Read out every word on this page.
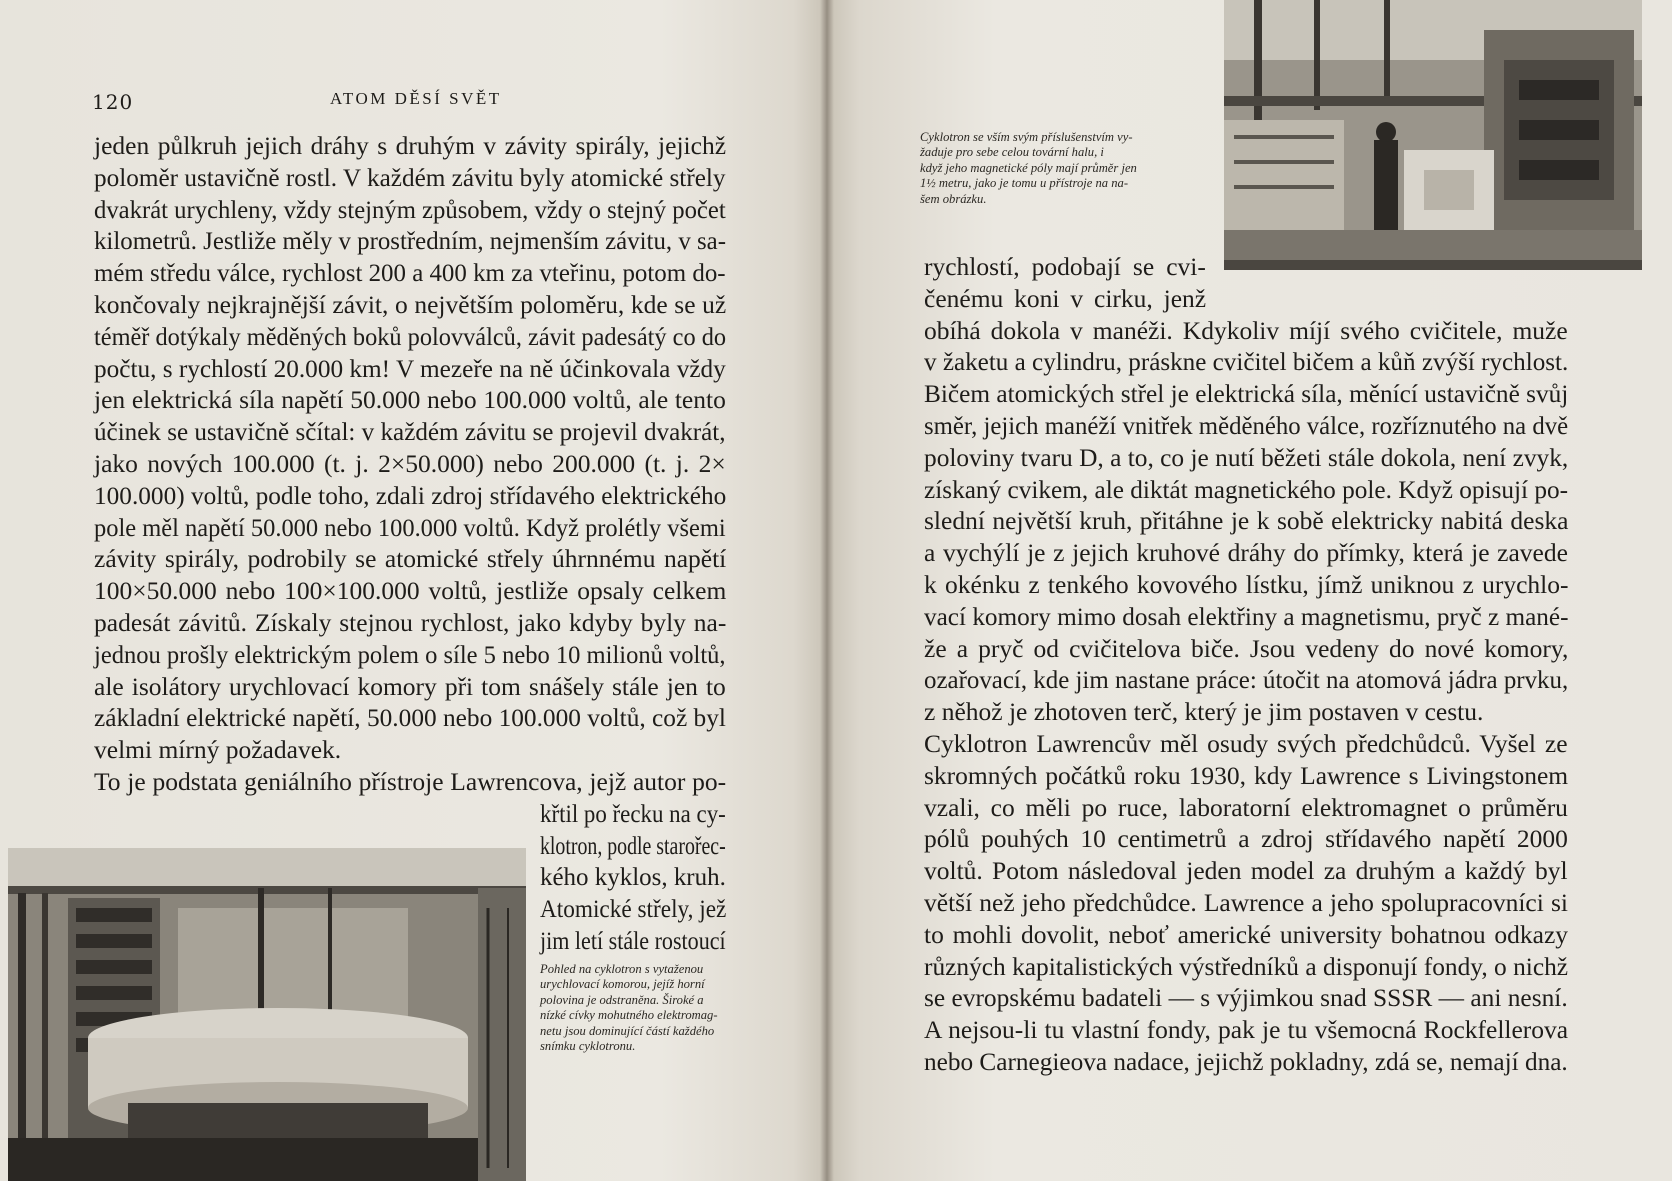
120	ATOM DĚSÍ SVĚT
jeden půlkruh jejich dráhy s druhým v závity spirály, jejichž
poloměr ustavičně rostl. V každém závitu byly atomické střely
dvakrát urychleny, vždy stejným způsobem, vždy o stejný počet
kilometrů. Jestliže měly v prostředním, nejmenším závitu, v sa-
mém středu válce, rychlost 200 a 400 km za vteřinu, potom do-
končovaly nejkrajnější závit, o největším poloměru, kde se už
téměř dotýkaly měděných boků polovválců, závit padesátý co do
počtu, s rychlostí 20.000 km! V mezeře na ně účinkovala vždy
jen elektrická síla napětí 50.000 nebo 100.000 voltů, ale tento
účinek se ustavičně sčítal: v každém závitu se projevil dvakrát,
jako nových 100.000 (t. j. 2×50.000) nebo 200.000 (t. j. 2×
100.000) voltů, podle toho, zdali zdroj střídavého elektrického
pole měl napětí 50.000 nebo 100.000 voltů. Když prolétly všemi
závity spirály, podrobily se atomické střely úhrnnému napětí
100×50.000 nebo 100×100.000 voltů, jestliže opsaly celkem
padesát závitů. Získaly stejnou rychlost, jako kdyby byly na-
jednou prošly elektrickým polem o síle 5 nebo 10 milionů voltů,
ale isolátory urychlovací komory při tom snášely stále jen to
základní elektrické napětí, 50.000 nebo 100.000 voltů, což byl
velmi mírný požadavek.
To je podstata geniálního přístroje Lawrencova, jejž autor po-
křtil po řecku na cy-
klotron, podle starořec-
kého kyklos, kruh.
Atomické střely, jež
jim letí stále rostoucí
Pohled na cyklotron s vytaženou
urychlovací komorou, jejíž horní
polovina je odstraněna. Široké a
nízké cívky mohutného elektromag-
netu jsou dominující částí každého
snímku cyklotronu.
Cyklotron se vším svým příslušenstvím vy-
žaduje pro sebe celou tovární halu, i
když jeho magnetické póly mají průměr jen
1½ metru, jako je tomu u přístroje na na-
šem obrázku.
rychlostí, podobají se cvi-
čenému koni v cirku, jenž
obíhá dokola v manéži. Kdykoliv míjí svého cvičitele, muže
v žaketu a cylindru, práskne cvičitel bičem a kůň zvýší rychlost.
Bičem atomických střel je elektrická síla, měnící ustavičně svůj
směr, jejich manéží vnitřek měděného válce, rozříznutého na dvě
poloviny tvaru D, a to, co je nutí běžeti stále dokola, není zvyk,
získaný cvikem, ale diktát magnetického pole. Když opisují po-
slední největší kruh, přitáhne je k sobě elektricky nabitá deska
a vychýlí je z jejich kruhové dráhy do přímky, která je zavede
k okénku z tenkého kovového lístku, jímž uniknou z urychlo-
vací komory mimo dosah elektřiny a magnetismu, pryč z mané-
že a pryč od cvičitelova biče. Jsou vedeny do nové komory,
ozařovací, kde jim nastane práce: útočit na atomová jádra prvku,
z něhož je zhotoven terč, který je jim postaven v cestu.
Cyklotron Lawrencův měl osudy svých předchůdců. Vyšel ze
skromných počátků roku 1930, kdy Lawrence s Livingstonem
vzali, co měli po ruce, laboratorní elektromagnet o průměru
pólů pouhých 10 centimetrů a zdroj střídavého napětí 2000
voltů. Potom následoval jeden model za druhým a každý byl
větší než jeho předchůdce. Lawrence a jeho spolupracovníci si
to mohli dovolit, neboť americké university bohatnou odkazy
různých kapitalistických výstředníků a disponují fondy, o nichž
se evropskému badateli — s výjimkou snad SSSR — ani nesní.
A nejsou-li tu vlastní fondy, pak je tu všemocná Rockfellerova
nebo Carnegieova nadace, jejichž pokladny, zdá se, nemají dna.
